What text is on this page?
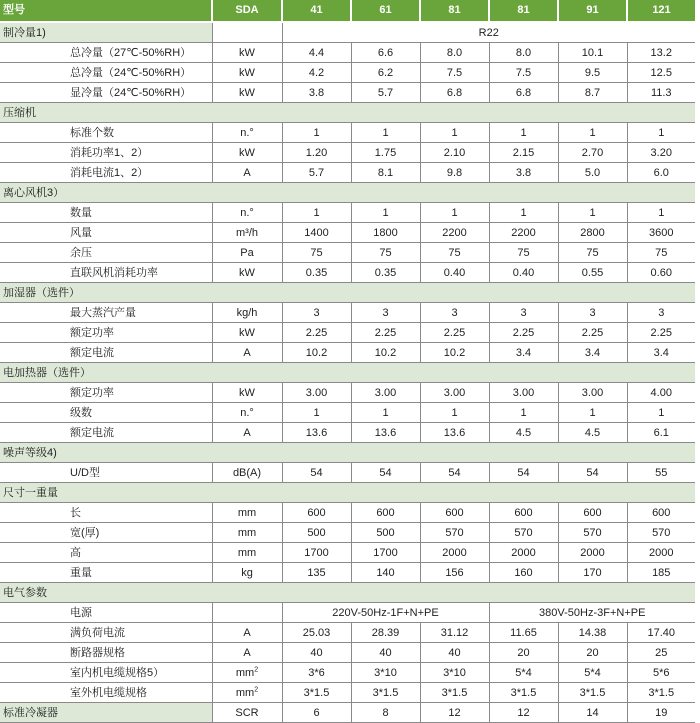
型号	SDA	41	61	81	81	91	121
制冷量1)		R22					
总冷量（27℃-50%RH）	kW	4.4	6.6	8.0	8.0	10.1	13.2
总冷量（24℃-50%RH）	kW	4.2	6.2	7.5	7.5	9.5	12.5
显冷量（24℃-50%RH）	kW	3.8	5.7	6.8	6.8	8.7	11.3
压缩机							
标准个数	n.°	1	1	1	1	1	1
消耗功率1、2）	kW	1.20	1.75	2.10	2.15	2.70	3.20
消耗电流1、2）	A	5.7	8.1	9.8	3.8	5.0	6.0
离心风机3）							
数量	n.°	1	1	1	1	1	1
风量	m³/h	1400	1800	2200	2200	2800	3600
余压	Pa	75	75	75	75	75	75
直联风机消耗功率	kW	0.35	0.35	0.40	0.40	0.55	0.60
加湿器（选件）							
最大蒸汽产量	kg/h	3	3	3	3	3	3
额定功率	kW	2.25	2.25	2.25	2.25	2.25	2.25
额定电流	A	10.2	10.2	10.2	3.4	3.4	3.4
电加热器（选件）							
额定功率	kW	3.00	3.00	3.00	3.00	3.00	4.00
级数	n.°	1	1	1	1	1	1
额定电流	A	13.6	13.6	13.6	4.5	4.5	6.1
噪声等级4)							
U/D型	dB(A)	54	54	54	54	54	55
尺寸一重量							
长	mm	600	600	600	600	600	600
宽(厚)	mm	500	500	570	570	570	570
高	mm	1700	1700	2000	2000	2000	2000
重量	kg	135	140	156	160	170	185
电气参数							
电源		220V-50Hz-1F+N+PE			380V-50Hz-3F+N+PE		
满负荷电流	A	25.03	28.39	31.12	11.65	14.38	17.40
断路器规格	A	40	40	40	20	20	25
室内机电缆规格5）	$mm^2$	3*6	3*10	3*10	5*4	5*4	5*6
室外机电缆规格	$mm^2$	3*1.5	3*1.5	3*1.5	3*1.5	3*1.5	3*1.5
标准冷凝器	SCR	6	8	12	12	14	19
